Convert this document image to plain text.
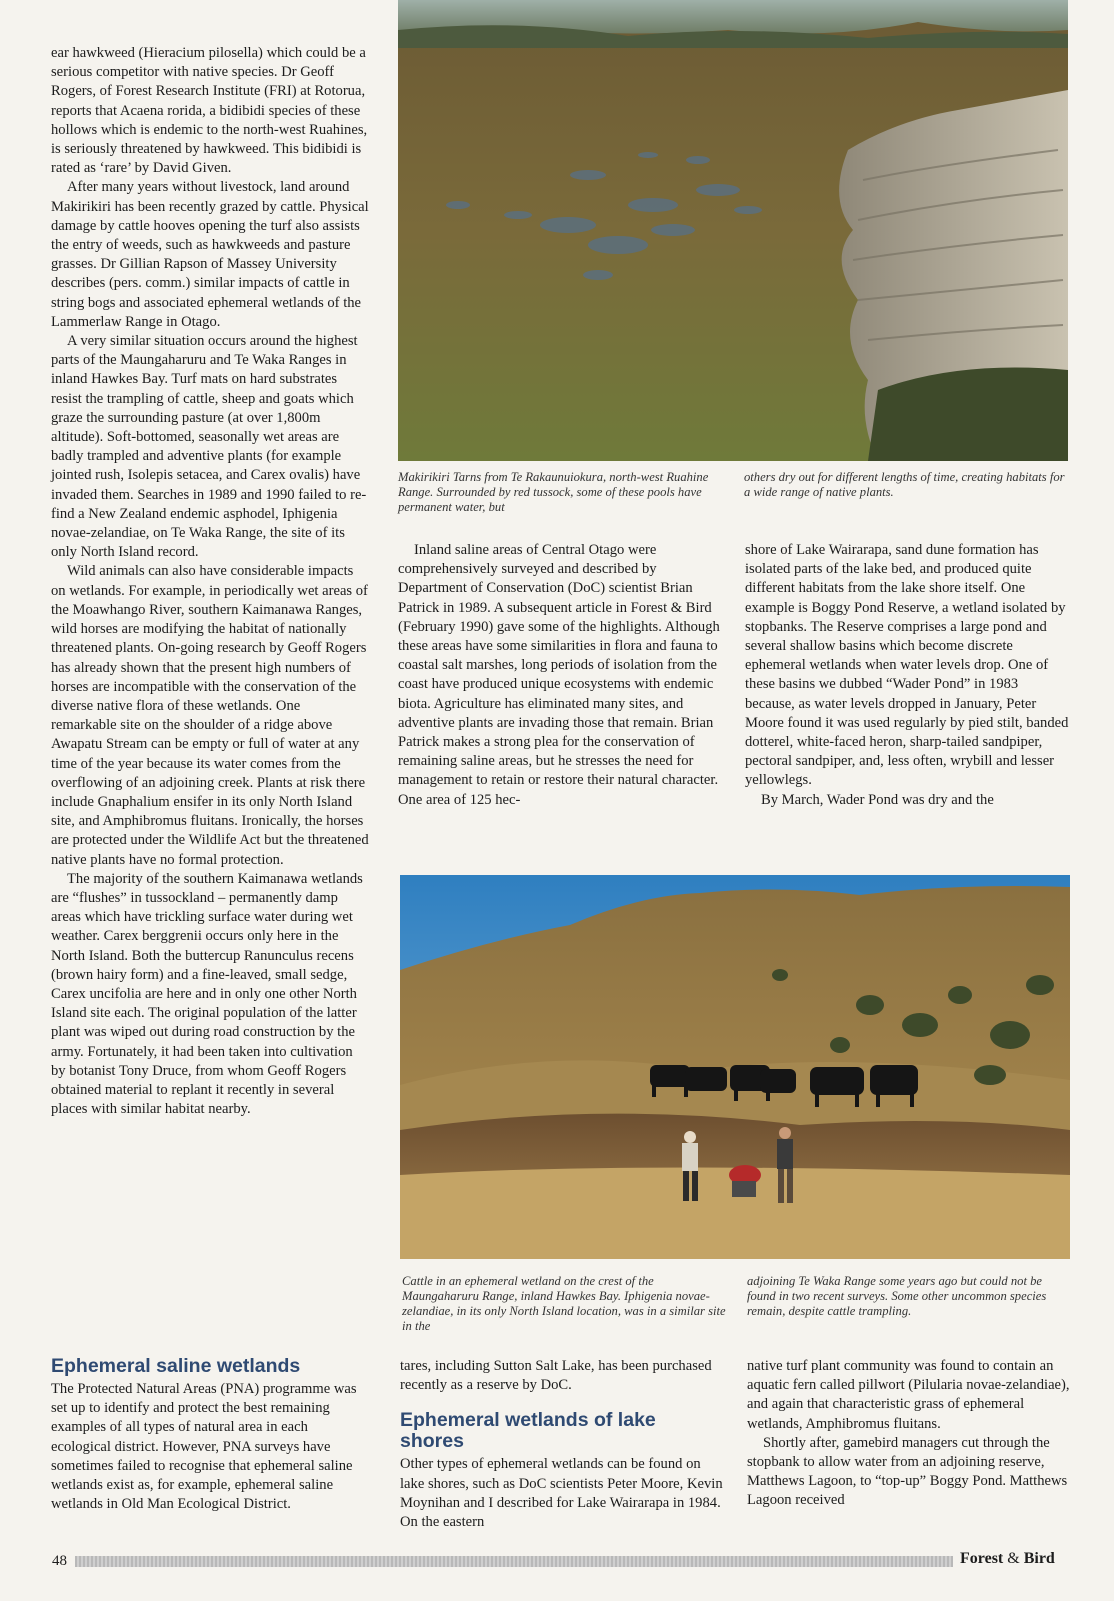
ear hawkweed (Hieracium pilosella) which could be a serious competitor with native species. Dr Geoff Rogers, of Forest Research Institute (FRI) at Rotorua, reports that Acaena rorida, a bidibidi species of these hollows which is endemic to the north-west Ruahines, is seriously threatened by hawkweed. This bidibidi is rated as ‘rare’ by David Given.

After many years without livestock, land around Makirikiri has been recently grazed by cattle. Physical damage by cattle hooves opening the turf also assists the entry of weeds, such as hawkweeds and pasture grasses. Dr Gillian Rapson of Massey University describes (pers. comm.) similar impacts of cattle in string bogs and associated ephemeral wetlands of the Lammerlaw Range in Otago.

A very similar situation occurs around the highest parts of the Maungaharuru and Te Waka Ranges in inland Hawkes Bay. Turf mats on hard substrates resist the trampling of cattle, sheep and goats which graze the surrounding pasture (at over 1,800m altitude). Soft-bottomed, seasonally wet areas are badly trampled and adventive plants (for example jointed rush, Isolepis setacea, and Carex ovalis) have invaded them. Searches in 1989 and 1990 failed to re-find a New Zealand endemic asphodel, Iphigenia novae-zelandiae, on Te Waka Range, the site of its only North Island record.

Wild animals can also have considerable impacts on wetlands. For example, in periodically wet areas of the Moawhango River, southern Kaimanawa Ranges, wild horses are modifying the habitat of nationally threatened plants. On-going research by Geoff Rogers has already shown that the present high numbers of horses are incompatible with the conservation of the diverse native flora of these wetlands. One remarkable site on the shoulder of a ridge above Awapatu Stream can be empty or full of water at any time of the year because its water comes from the overflowing of an adjoining creek. Plants at risk there include Gnaphalium ensifer in its only North Island site, and Amphibromus fluitans. Ironically, the horses are protected under the Wildlife Act but the threatened native plants have no formal protection.

The majority of the southern Kaimanawa wetlands are “flushes” in tussockland – permanently damp areas which have trickling surface water during wet weather. Carex berggrenii occurs only here in the North Island. Both the buttercup Ranunculus recens (brown hairy form) and a fine-leaved, small sedge, Carex uncifolia are here and in only one other North Island site each. The original population of the latter plant was wiped out during road construction by the army. Fortunately, it had been taken into cultivation by botanist Tony Druce, from whom Geoff Rogers obtained material to replant it recently in several places with similar habitat nearby.

Ephemeral saline wetlands

The Protected Natural Areas (PNA) programme was set up to identify and protect the best remaining examples of all types of natural area in each ecological district. However, PNA surveys have sometimes failed to recognise that ephemeral saline wetlands exist as, for example, ephemeral saline wetlands in Old Man Ecological District.

Makirikiri Tarns from Te Rakaunuiokura, north-west Ruahine Range. Surrounded by red tussock, some of these pools have permanent water, but
others dry out for different lengths of time, creating habitats for a wide range of native plants.

Inland saline areas of Central Otago were comprehensively surveyed and described by Department of Conservation (DoC) scientist Brian Patrick in 1989. A subsequent article in Forest & Bird (February 1990) gave some of the highlights. Although these areas have some similarities in flora and fauna to coastal salt marshes, long periods of isolation from the coast have produced unique ecosystems with endemic biota. Agriculture has eliminated many sites, and adventive plants are invading those that remain. Brian Patrick makes a strong plea for the conservation of remaining saline areas, but he stresses the need for management to retain or restore their natural character. One area of 125 hec-

shore of Lake Wairarapa, sand dune formation has isolated parts of the lake bed, and produced quite different habitats from the lake shore itself. One example is Boggy Pond Reserve, a wetland isolated by stopbanks. The Reserve comprises a large pond and several shallow basins which become discrete ephemeral wetlands when water levels drop. One of these basins we dubbed “Wader Pond” in 1983 because, as water levels dropped in January, Peter Moore found it was used regularly by pied stilt, banded dotterel, white-faced heron, sharp-tailed sandpiper, pectoral sandpiper, and, less often, wrybill and lesser yellowlegs.

By March, Wader Pond was dry and the

Cattle in an ephemeral wetland on the crest of the Maungaharuru Range, inland Hawkes Bay. Iphigenia novae-zelandiae, in its only North Island location, was in a similar site in the
adjoining Te Waka Range some years ago but could not be found in two recent surveys. Some other uncommon species remain, despite cattle trampling.

tares, including Sutton Salt Lake, has been purchased recently as a reserve by DoC.

Ephemeral wetlands of lake shores

Other types of ephemeral wetlands can be found on lake shores, such as DoC scientists Peter Moore, Kevin Moynihan and I described for Lake Wairarapa in 1984. On the eastern

native turf plant community was found to contain an aquatic fern called pillwort (Pilularia novae-zelandiae), and again that characteristic grass of ephemeral wetlands, Amphibromus fluitans.

Shortly after, gamebird managers cut through the stopbank to allow water from an adjoining reserve, Matthews Lagoon, to “top-up” Boggy Pond. Matthews Lagoon received

48	Forest & Bird
